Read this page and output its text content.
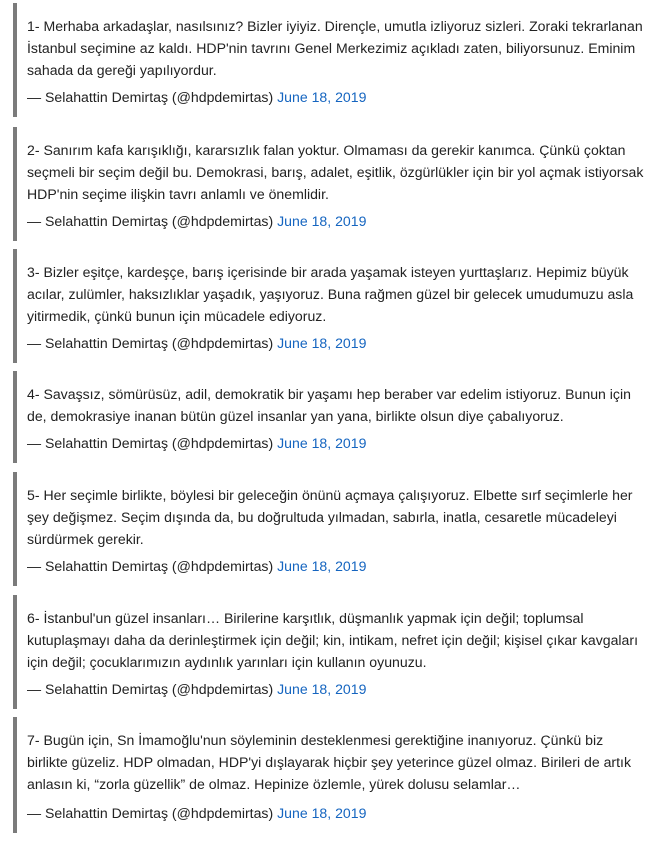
1- Merhaba arkadaşlar, nasılsınız? Bizler iyiyiz. Dirençle, umutla izliyoruz sizleri. Zoraki tekrarlanan
İstanbul seçimine az kaldı. HDP'nin tavrını Genel Merkezimiz açıkladı zaten, biliyorsunuz. Eminim
sahada da gereği yapılıyordur.

— Selahattin Demirtaş (@hdpdemirtas) June 18, 2019

2- Sanırım kafa karışıklığı, kararsızlık falan yoktur. Olmaması da gerekir kanımca. Çünkü çoktan
seçmeli bir seçim değil bu. Demokrasi, barış, adalet, eşitlik, özgürlükler için bir yol açmak istiyorsak
HDP'nin seçime ilişkin tavrı anlamlı ve önemlidir.

— Selahattin Demirtaş (@hdpdemirtas) June 18, 2019

3- Bizler eşitçe, kardeşçe, barış içerisinde bir arada yaşamak isteyen yurttaşlarız. Hepimiz büyük
acılar, zulümler, haksızlıklar yaşadık, yaşıyoruz. Buna rağmen güzel bir gelecek umudumuzu asla
yitirmedik, çünkü bunun için mücadele ediyoruz.

— Selahattin Demirtaş (@hdpdemirtas) June 18, 2019

4- Savaşsız, sömürüsüz, adil, demokratik bir yaşamı hep beraber var edelim istiyoruz. Bunun için
de, demokrasiye inanan bütün güzel insanlar yan yana, birlikte olsun diye çabalıyoruz.

— Selahattin Demirtaş (@hdpdemirtas) June 18, 2019

5- Her seçimle birlikte, böylesi bir geleceğin önünü açmaya çalışıyoruz. Elbette sırf seçimlerle her
şey değişmez. Seçim dışında da, bu doğrultuda yılmadan, sabırla, inatla, cesaretle mücadeleyi
sürdürmek gerekir.

— Selahattin Demirtaş (@hdpdemirtas) June 18, 2019

6- İstanbul'un güzel insanları… Birilerine karşıtlık, düşmanlık yapmak için değil; toplumsal
kutuplaşmayı daha da derinleştirmek için değil; kin, intikam, nefret için değil; kişisel çıkar kavgaları
için değil; çocuklarımızın aydınlık yarınları için kullanın oyunuzu.

— Selahattin Demirtaş (@hdpdemirtas) June 18, 2019

7- Bugün için, Sn İmamoğlu'nun söyleminin desteklenmesi gerektiğine inanıyoruz. Çünkü biz
birlikte güzeliz. HDP olmadan, HDP'yi dışlayarak hiçbir şey yeterince güzel olmaz. Birileri de artık
anlasın ki, “zorla güzellik” de olmaz. Hepinize özlemle, yürek dolusu selamlar…

— Selahattin Demirtaş (@hdpdemirtas) June 18, 2019
